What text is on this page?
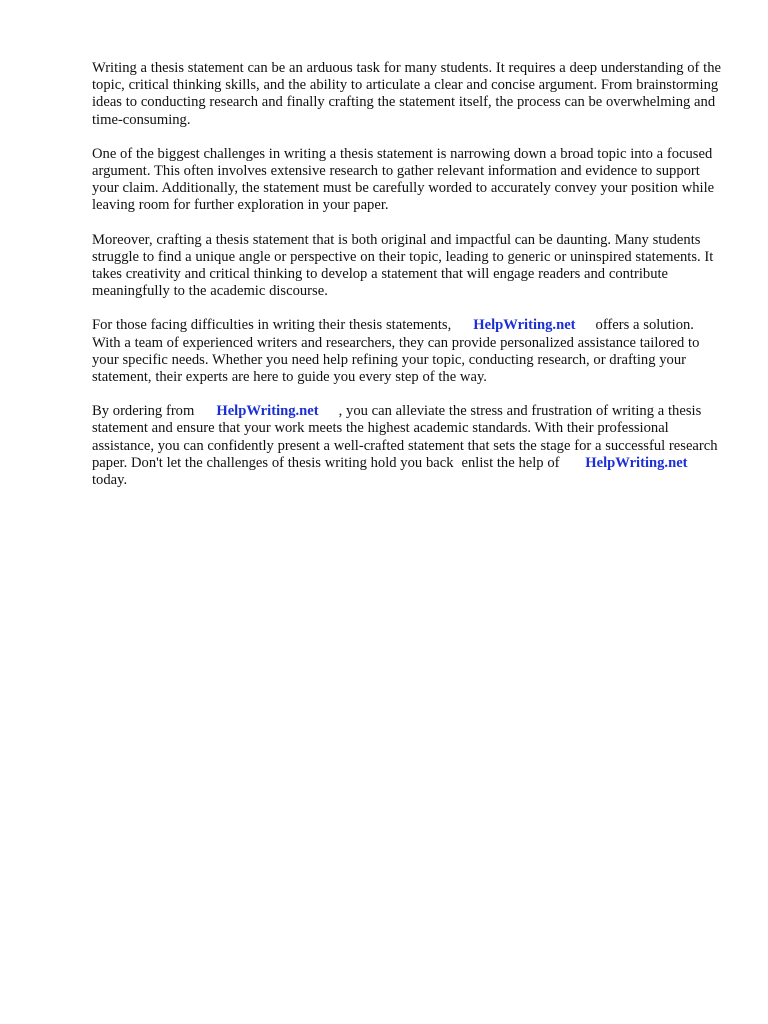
Writing a thesis statement can be an arduous task for many students. It requires a deep understanding of the topic, critical thinking skills, and the ability to articulate a clear and concise argument. From brainstorming ideas to conducting research and finally crafting the statement itself, the process can be overwhelming and time-consuming.

One of the biggest challenges in writing a thesis statement is narrowing down a broad topic into a focused argument. This often involves extensive research to gather relevant information and evidence to support your claim. Additionally, the statement must be carefully worded to accurately convey your position while leaving room for further exploration in your paper.

Moreover, crafting a thesis statement that is both original and impactful can be daunting. Many students struggle to find a unique angle or perspective on their topic, leading to generic or uninspired statements. It takes creativity and critical thinking to develop a statement that will engage readers and contribute meaningfully to the academic discourse.

For those facing difficulties in writing their thesis statements, HelpWriting.net offers a solution. With a team of experienced writers and researchers, they can provide personalized assistance tailored to your specific needs. Whether you need help refining your topic, conducting research, or drafting your statement, their experts are here to guide you every step of the way.

By ordering from HelpWriting.net , you can alleviate the stress and frustration of writing a thesis statement and ensure that your work meets the highest academic standards. With their professional assistance, you can confidently present a well-crafted statement that sets the stage for a successful research paper. Don't let the challenges of thesis writing hold you back enlist the help of HelpWriting.nettoday.
